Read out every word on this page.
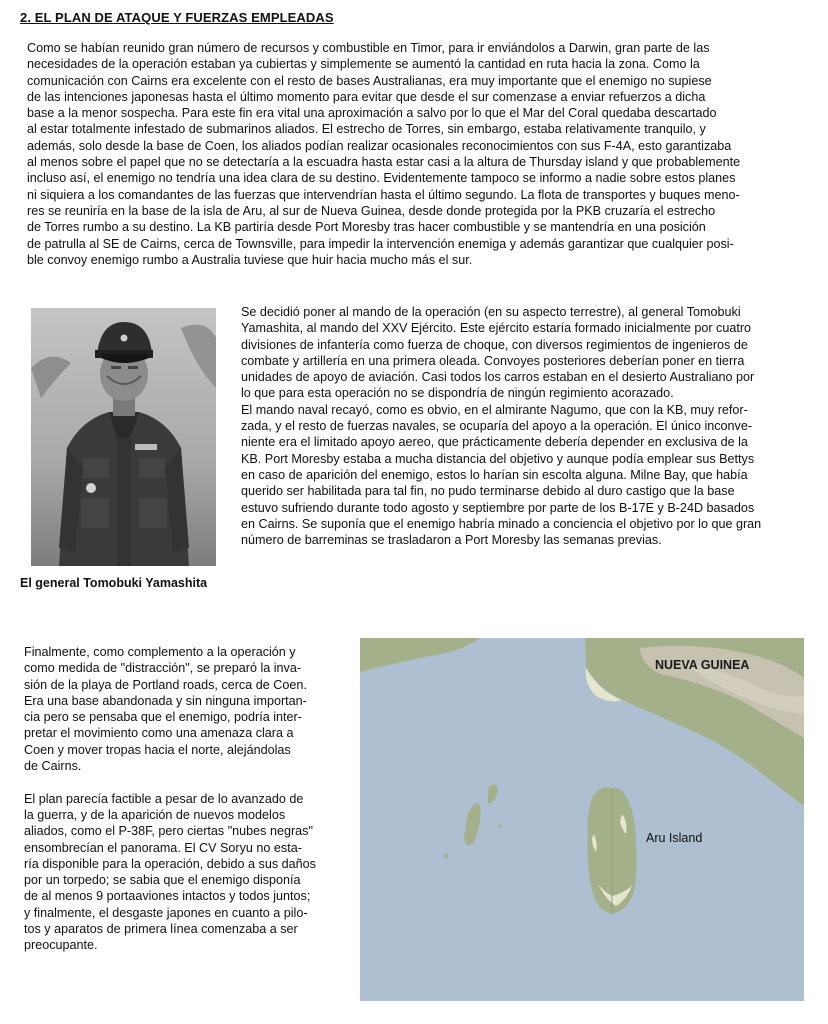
2. EL PLAN DE ATAQUE Y FUERZAS EMPLEADAS

Como se habían reunido gran número de recursos y combustible en Timor, para ir enviándolos a Darwin, gran parte de las
necesidades de la operación estaban ya cubiertas y simplemente se aumentó la cantidad en ruta hacia la zona. Como la
comunicación con Cairns era excelente con el resto de bases Australianas, era muy importante que el enemigo no supiese
de las intenciones japonesas hasta el último momento para evitar que desde el sur comenzase a enviar refuerzos a dicha
base a la menor sospecha. Para este fin era vital una aproximación a salvo por lo que el Mar del Coral quedaba descartado
al estar totalmente infestado de submarinos aliados. El estrecho de Torres, sin embargo, estaba relativamente tranquilo, y
además, solo desde la base de Coen, los aliados podían realizar ocasionales reconocimientos con sus F-4A, esto garantizaba
al menos sobre el papel que no se detectaría a la escuadra hasta estar casi a la altura de Thursday island y que probablemente
incluso así, el enemigo no tendría una idea clara de su destino. Evidentemente tampoco se informo a nadie sobre estos planes
ni siquiera a los comandantes de las fuerzas que intervendrían hasta el último segundo. La flota de transportes y buques meno-
res se reuniría en la base de la isla de Aru, al sur de Nueva Guinea, desde donde protegida por la PKB cruzaría el estrecho
de Torres rumbo a su destino. La KB partiría desde Port Moresby tras hacer combustible y se mantendría en una posición
de patrulla al SE de Cairns, cerca de Townsville, para impedir la intervención enemiga y además garantizar que cualquier posi-
ble convoy enemigo rumbo a Australia tuviese que huir hacia mucho más el sur.

El general Tomobuki Yamashita

Se decidió poner al mando de la operación (en su aspecto terrestre), al general Tomobuki
Yamashita, al mando del XXV Ejército. Este ejército estaría formado inicialmente por cuatro
divisiones de infantería como fuerza de choque, con diversos regimientos de ingenieros de
combate y artillería en una primera oleada. Convoyes posteriores deberían poner en tierra
unidades de apoyo de aviación. Casi todos los carros estaban en el desierto Australiano por
lo que para esta operación no se dispondría de ningún regimiento acorazado.
El mando naval recayó, como es obvio, en el almirante Nagumo, que con la KB, muy refor-
zada, y el resto de fuerzas navales, se ocuparía del apoyo a la operación. El único inconve-
niente era el limitado apoyo aereo, que prácticamente debería depender en exclusiva de la
KB. Port Moresby estaba a mucha distancia del objetivo y aunque podía emplear sus Bettys
en caso de aparición del enemigo, estos lo harían sin escolta alguna. Milne Bay, que había
querido ser habilitada para tal fin, no pudo terminarse debido al duro castigo que la base
estuvo sufriendo durante todo agosto y septiembre por parte de los B-17E y B-24D basados
en Cairns. Se suponía que el enemigo habría minado a conciencia el objetivo por lo que gran
número de barreminas se trasladaron a Port Moresby las semanas previas.

Finalmente, como complemento a la operación y
como medida de "distracción", se preparó la inva-
sión de la playa de Portland roads, cerca de Coen.
Era una base abandonada y sin ninguna importan-
cia pero se pensaba que el enemigo, podría inter-
pretar el movimiento como una amenaza clara a
Coen y mover tropas hacia el norte, alejándolas
de Cairns.

El plan parecía factible a pesar de lo avanzado de
la guerra, y de la aparición de nuevos modelos
aliados, como el P-38F, pero ciertas "nubes negras"
ensombrecían el panorama. El CV Soryu no esta-
ría disponible para la operación, debido a sus daños
por un torpedo; se sabia que el enemigo disponía
de al menos 9 portaaviones intactos y todos juntos;
y finalmente, el desgaste japones en cuanto a pilo-
tos y aparatos de primera línea comenzaba a ser
preocupante.

NUEVA GUINEA
Aru Island
